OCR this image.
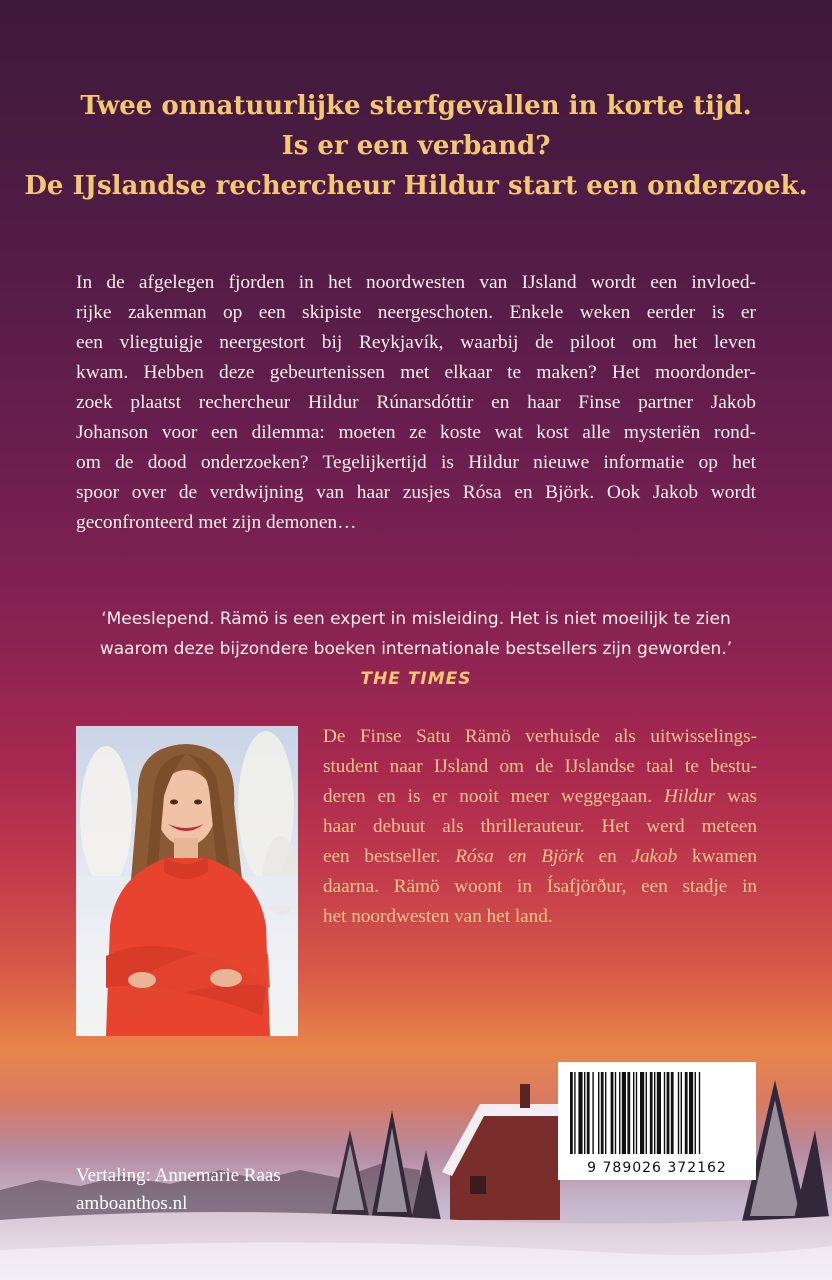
Twee onnatuurlijke sterfgevallen in korte tijd.
Is er een verband?
De IJslandse rechercheur Hildur start een onderzoek.
In de afgelegen fjorden in het noordwesten van IJsland wordt een invloed-
rijke zakenman op een skipiste neergeschoten. Enkele weken eerder is er
een vliegtuigje neergestort bij Reykjavík, waarbij de piloot om het leven
kwam. Hebben deze gebeurtenissen met elkaar te maken? Het moordonder-
zoek plaatst rechercheur Hildur Rúnarsdóttir en haar Finse partner Jakob
Johanson voor een dilemma: moeten ze koste wat kost alle mysteriën rond-
om de dood onderzoeken? Tegelijkertijd is Hildur nieuwe informatie op het
spoor over de verdwijning van haar zusjes Rósa en Björk. Ook Jakob wordt
geconfronteerd met zijn demonen…
‘Meeslepend. Rämö is een expert in misleiding. Het is niet moeilijk te zien
waarom deze bijzondere boeken internationale bestsellers zijn geworden.’
THE TIMES
De Finse Satu Rämö verhuisde als uitwisselings-
student naar IJsland om de IJslandse taal te bestu-
deren en is er nooit meer weggegaan. Hildur was
haar debuut als thrillerauteur. Het werd meteen
een bestseller. Rósa en Björk en Jakob kwamen
daarna. Rämö woont in Ísafjörður, een stadje in
het noordwesten van het land.
9 789026 372162
Vertaling: Annemarie Raas
amboanthos.nl
